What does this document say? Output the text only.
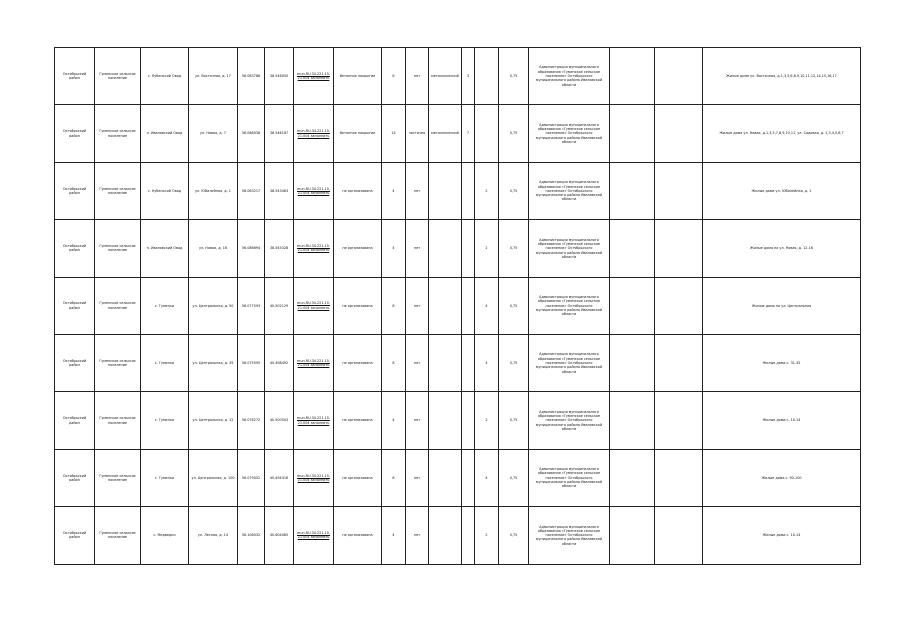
Октябрьский район	Гуменское сельское поселение	с. Кубанский Овод	ул. Восточная, д. 17	56.083786	38.546050	mun.RU.34.221.15.21.004 заполнить	бетонное покрытие	6	нет	металлический	3		0,75	Администрация муниципального образования «Гуменское сельское поселение» Октябрьского муниципального района Ивановской области			Жилые дома ул. Восточная, д.1,3,5,6,8,9,10,11,12,14,15,16,17
Октябрьский район	Гуменское сельское поселение	п. Ивановский Овод	ул. Новая, д. 7	56.086038	38.546187	mun.RU.34.221.15.21.004 заполнить	бетонное покрытие	14	частично	металлический	7		0,75	Администрация муниципального образования «Гуменское сельское поселение» Октябрьского муниципального района Ивановской области			Жилые дома ул. Новая, д.1,3,5,7,8,9,10,11, ул. Садовая, д. 1,3,4,5,6,7
Октябрьский район	Гуменское сельское поселение	с. Кубанский Овод	ул. Юбилейная, д. 1	56.083217	38.543463	mun.RU.34.221.15.21.004 заполнить	не организована	4	нет			2	0,75	Администрация муниципального образования «Гуменское сельское поселение» Октябрьского муниципального района Ивановской области			Жилые дома ул. Юбилейная, д. 1
Октябрьский район	Гуменское сельское поселение	п. Ивановский Овод	ул. Новая, д. 16	56.086694	38.545328	mun.RU.34.221.15.21.004 заполнить	не организована	4	нет			2	0,75	Администрация муниципального образования «Гуменское сельское поселение» Октябрьского муниципального района Ивановской области			Жилые дома по ул. Новая, д. 12-16
Октябрьский район	Гуменское сельское поселение	с. Гуменки	ул. Центральная, д. 50	56.077593	40.502129	mun.RU.34.221.15.21.004 заполнить	не организована	8	нет			4	0,75	Администрация муниципального образования «Гуменское сельское поселение» Октябрьского муниципального района Ивановской области			Жилые дома по ул. Центральная
Октябрьский район	Гуменское сельское поселение	с. Гуменки	ул. Центральная, д. 35	56.075595	40.498492	mun.RU.34.221.15.21.004 заполнить	не организована	8	нет			4	0,75	Администрация муниципального образования «Гуменское сельское поселение» Октябрьского муниципального района Ивановской области			Жилые дома с. 31-35
Октябрьский район	Гуменское сельское поселение	с. Гуменки	ул. Центральная, д. 12	56.076272	40.500503	mun.RU.34.221.15.21.004 заполнить	не организована	4	нет			2	0,75	Администрация муниципального образования «Гуменское сельское поселение» Октябрьского муниципального района Ивановской области			Жилые дома с. 10-14
Октябрьский район	Гуменское сельское поселение	с. Гуменки	ул. Центральная, д. 100	56.079052	40.494316	mun.RU.34.221.15.21.004 заполнить	не организована	8	нет			4	0,75	Администрация муниципального образования «Гуменское сельское поселение» Октябрьского муниципального района Ивановской области			Жилые дома с. 90-100
Октябрьский район	Гуменское сельское поселение	с. Медведки	ул. Лесная, д. 14	56.108032	40.604085	mun.RU.34.221.15.21.004 заполнить	не организована	4	нет			2	0,75	Администрация муниципального образования «Гуменское сельское поселение» Октябрьского муниципального района Ивановской области			Жилые дома с. 10-14
